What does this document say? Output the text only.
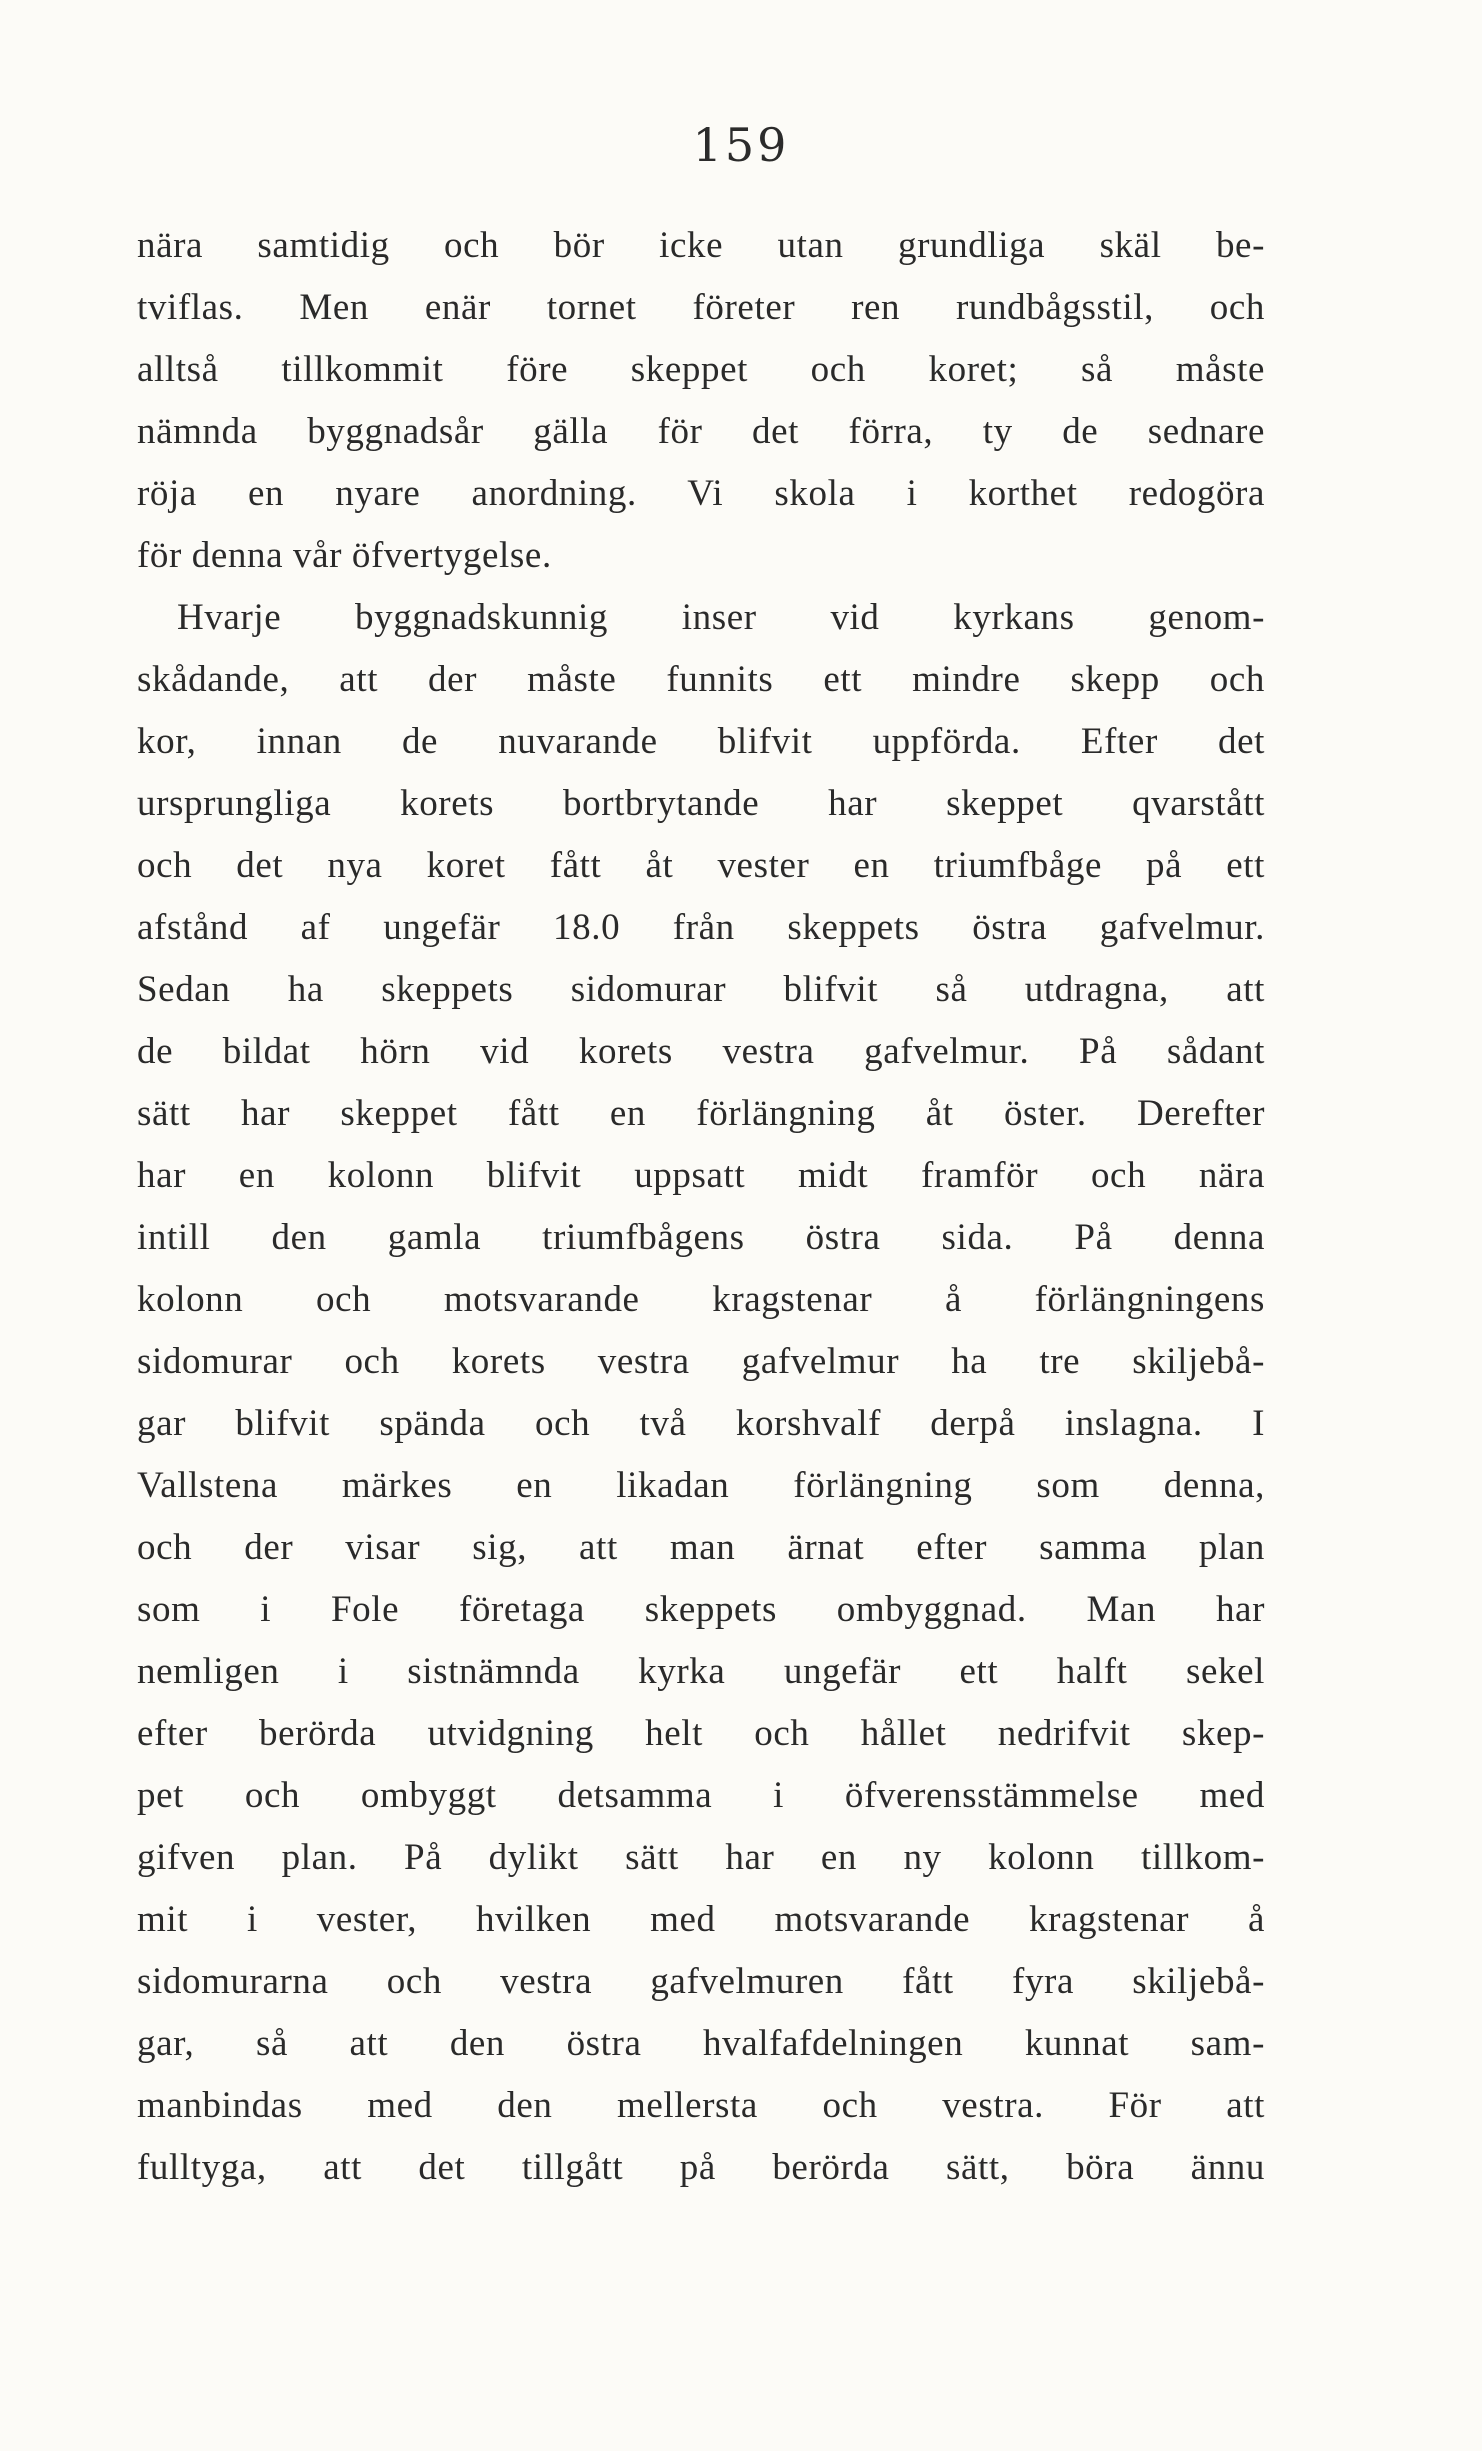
159
nära samtidig och bör icke utan grundliga skäl be-
tviflas. Men enär tornet företer ren rundbågsstil, och
alltså tillkommit före skeppet och koret; så måste
nämnda byggnadsår gälla för det förra, ty de sednare
röja en nyare anordning. Vi skola i korthet redogöra
för denna vår öfvertygelse.
Hvarje byggnadskunnig inser vid kyrkans genom-
skådande, att der måste funnits ett mindre skepp och
kor, innan de nuvarande blifvit uppförda. Efter det
ursprungliga korets bortbrytande har skeppet qvarstått
och det nya koret fått åt vester en triumfbåge på ett
afstånd af ungefär 18.0 från skeppets östra gafvelmur.
Sedan ha skeppets sidomurar blifvit så utdragna, att
de bildat hörn vid korets vestra gafvelmur. På sådant
sätt har skeppet fått en förlängning åt öster. Derefter
har en kolonn blifvit uppsatt midt framför och nära
intill den gamla triumfbågens östra sida. På denna
kolonn och motsvarande kragstenar å förlängningens
sidomurar och korets vestra gafvelmur ha tre skiljebå-
gar blifvit spända och två korshvalf derpå inslagna. I
Vallstena märkes en likadan förlängning som denna,
och der visar sig, att man ärnat efter samma plan
som i Fole företaga skeppets ombyggnad. Man har
nemligen i sistnämnda kyrka ungefär ett halft sekel
efter berörda utvidgning helt och hållet nedrifvit skep-
pet och ombyggt detsamma i öfverensstämmelse med
gifven plan. På dylikt sätt har en ny kolonn tillkom-
mit i vester, hvilken med motsvarande kragstenar å
sidomurarna och vestra gafvelmuren fått fyra skiljebå-
gar, så att den östra hvalfafdelningen kunnat sam-
manbindas med den mellersta och vestra. För att
fulltyga, att det tillgått på berörda sätt, böra ännu
